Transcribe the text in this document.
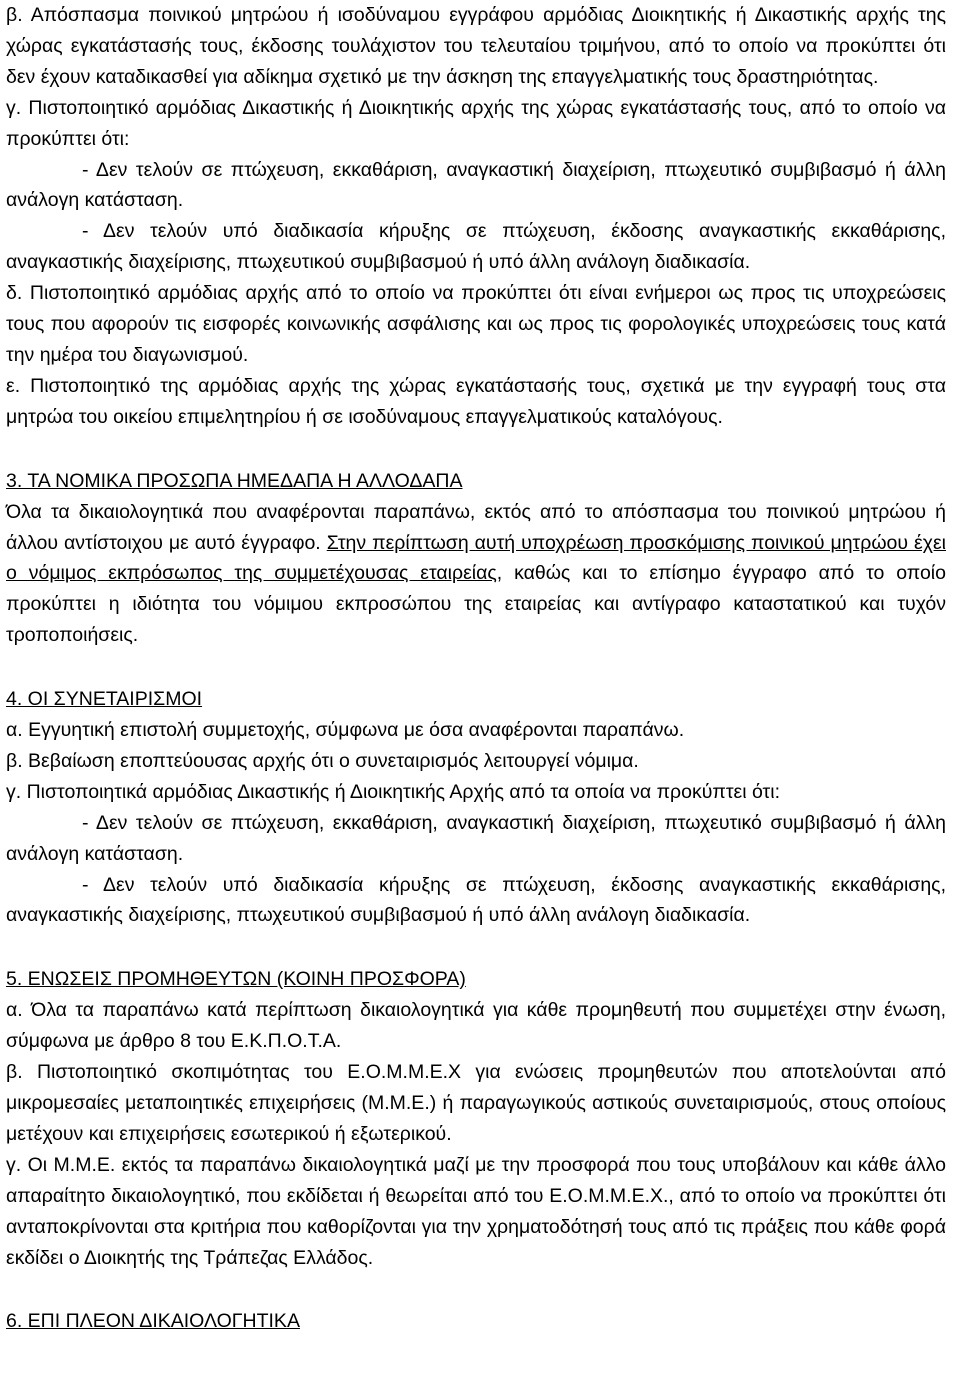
β. Απόσπασμα ποινικού μητρώου ή ισοδύναμου εγγράφου αρμόδιας Διοικητικής ή Δικαστικής αρχής της χώρας εγκατάστασής τους, έκδοσης τουλάχιστον του τελευταίου τριμήνου, από το οποίο να προκύπτει ότι δεν έχουν καταδικασθεί για αδίκημα σχετικό με την άσκηση της επαγγελματικής τους δραστηριότητας.

γ. Πιστοποιητικό αρμόδιας Δικαστικής ή Διοικητικής αρχής της χώρας εγκατάστασής τους, από το οποίο να προκύπτει ότι:

- Δεν τελούν σε πτώχευση, εκκαθάριση, αναγκαστική διαχείριση, πτωχευτικό συμβιβασμό ή άλλη ανάλογη κατάσταση.

- Δεν τελούν υπό διαδικασία κήρυξης σε πτώχευση, έκδοσης αναγκαστικής εκκαθάρισης, αναγκαστικής διαχείρισης, πτωχευτικού συμβιβασμού ή υπό άλλη ανάλογη διαδικασία.

δ. Πιστοποιητικό αρμόδιας αρχής από το οποίο να προκύπτει ότι είναι ενήμεροι ως προς τις υποχρεώσεις τους που αφορούν τις εισφορές κοινωνικής ασφάλισης και ως προς τις φορολογικές υποχρεώσεις τους κατά την ημέρα του διαγωνισμού.

ε. Πιστοποιητικό της αρμόδιας αρχής της χώρας εγκατάστασής τους, σχετικά με την εγγραφή τους στα μητρώα του οικείου επιμελητηρίου ή σε ισοδύναμους επαγγελματικούς καταλόγους.

3. ΤΑ ΝΟΜΙΚΑ ΠΡΟΣΩΠΑ ΗΜΕΔΑΠΑ Η ΑΛΛΟΔΑΠΑ

Όλα τα δικαιολογητικά που αναφέρονται παραπάνω, εκτός από το απόσπασμα του ποινικού μητρώου ή άλλου αντίστοιχου με αυτό έγγραφο. Στην περίπτωση αυτή υποχρέωση προσκόμισης ποινικού μητρώου έχει ο νόμιμος εκπρόσωπος της συμμετέχουσας εταιρείας, καθώς και το επίσημο έγγραφο από το οποίο προκύπτει η ιδιότητα του νόμιμου εκπροσώπου της εταιρείας και αντίγραφο καταστατικού και τυχόν τροποποιήσεις.

4. ΟΙ ΣΥΝΕΤΑΙΡΙΣΜΟΙ

α. Εγγυητική επιστολή συμμετοχής, σύμφωνα με όσα αναφέρονται παραπάνω.

β. Βεβαίωση εποπτεύουσας αρχής ότι ο συνεταιρισμός λειτουργεί νόμιμα.

γ. Πιστοποιητικά αρμόδιας Δικαστικής ή Διοικητικής Αρχής από τα οποία να προκύπτει ότι:

- Δεν τελούν σε πτώχευση, εκκαθάριση, αναγκαστική διαχείριση, πτωχευτικό συμβιβασμό ή άλλη ανάλογη κατάσταση.

- Δεν τελούν υπό διαδικασία κήρυξης σε πτώχευση, έκδοσης αναγκαστικής εκκαθάρισης, αναγκαστικής διαχείρισης, πτωχευτικού συμβιβασμού ή υπό άλλη ανάλογη διαδικασία.

5. ΕΝΩΣΕΙΣ ΠΡΟΜΗΘΕΥΤΩΝ (ΚΟΙΝΗ ΠΡΟΣΦΟΡΑ)

α. Όλα τα παραπάνω κατά περίπτωση δικαιολογητικά για κάθε προμηθευτή που συμμετέχει στην ένωση, σύμφωνα με άρθρο 8 του Ε.Κ.Π.Ο.Τ.Α.

β. Πιστοποιητικό σκοπιμότητας του Ε.Ο.Μ.Μ.Ε.Χ για ενώσεις προμηθευτών που αποτελούνται από μικρομεσαίες μεταποιητικές επιχειρήσεις (Μ.Μ.Ε.) ή παραγωγικούς αστικούς συνεταιρισμούς, στους οποίους μετέχουν και επιχειρήσεις εσωτερικού ή εξωτερικού.

γ. Οι Μ.Μ.Ε. εκτός τα παραπάνω δικαιολογητικά μαζί με την προσφορά που τους υποβάλουν και κάθε άλλο απαραίτητο δικαιολογητικό, που εκδίδεται ή θεωρείται από του Ε.Ο.Μ.Μ.Ε.Χ., από το οποίο να προκύπτει ότι ανταποκρίνονται στα κριτήρια που καθορίζονται για την χρηματοδότησή τους από τις πράξεις που κάθε φορά εκδίδει ο Διοικητής της Τράπεζας Ελλάδος.

6. ΕΠΙ ΠΛΕΟΝ ΔΙΚΑΙΟΛΟΓΗΤΙΚΑ
